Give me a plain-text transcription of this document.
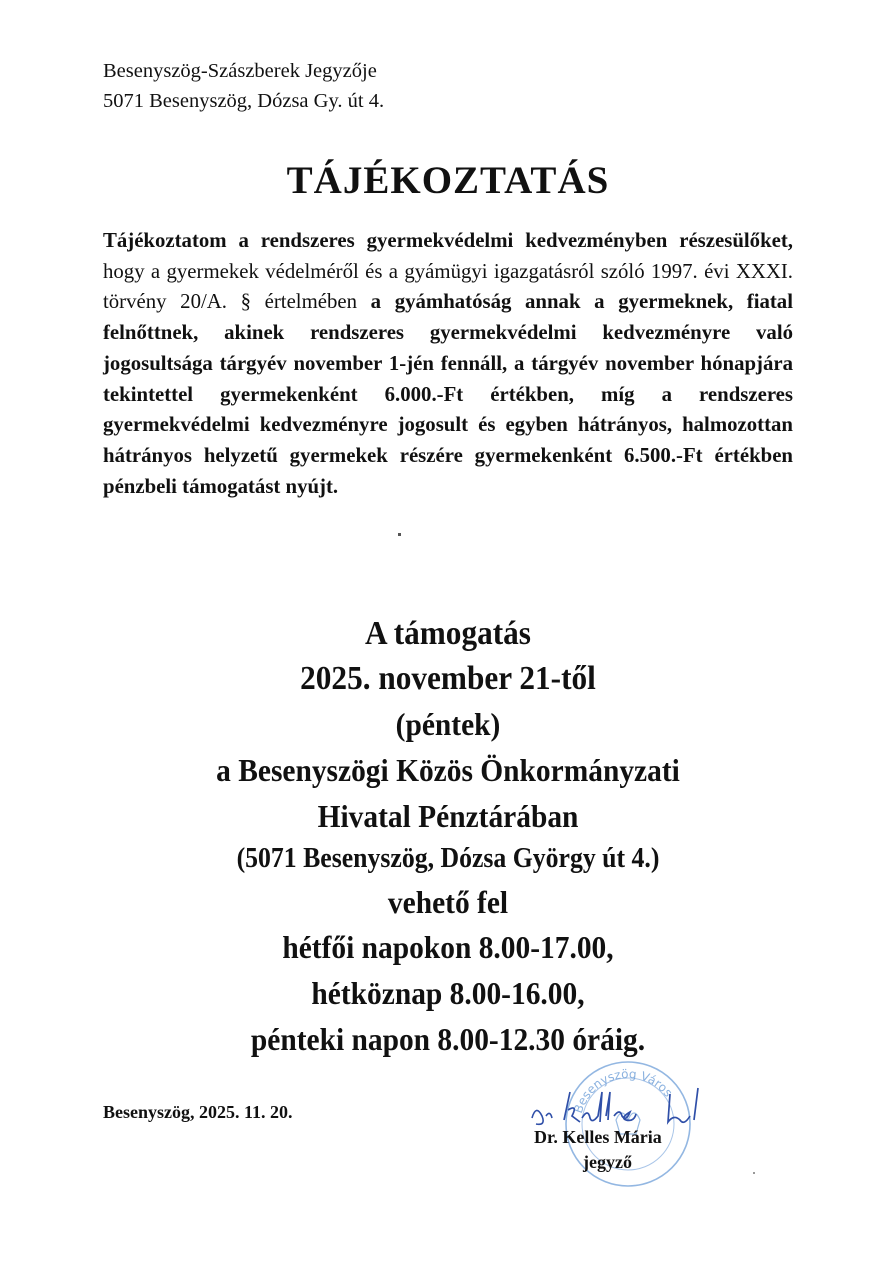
Besenyszög-Szászberek Jegyzője
5071 Besenyszög, Dózsa Gy. út 4.
TÁJÉKOZTATÁS
Tájékoztatom a rendszeres gyermekvédelmi kedvezményben részesülőket, hogy a gyermekek védelméről és a gyámügyi igazgatásról szóló 1997. évi XXXI. törvény 20/A. § értelmében a gyámhatóság annak a gyermeknek, fiatal felnőttnek, akinek rendszeres gyermekvédelmi kedvezményre való jogosultsága tárgyév november 1-jén fennáll, a tárgyév november hónapjára tekintettel gyermekenként 6.000.-Ft értékben, míg a rendszeres gyermekvédelmi kedvezményre jogosult és egyben hátrányos, halmozottan hátrányos helyzetű gyermekek részére gyermekenként 6.500.-Ft értékben pénzbeli támogatást nyújt.
A támogatás
2025. november 21-től
(péntek)
a Besenyszögi Közös Önkormányzati
Hivatal Pénztárában
(5071 Besenyszög, Dózsa György út 4.)
vehető fel
hétfői napokon 8.00-17.00,
hétköznap 8.00-16.00,
pénteki napon 8.00-12.30 óráig.
Besenyszög, 2025. 11. 20.	Besenyszög Város
Dr. Kelles Mária
jegyző
